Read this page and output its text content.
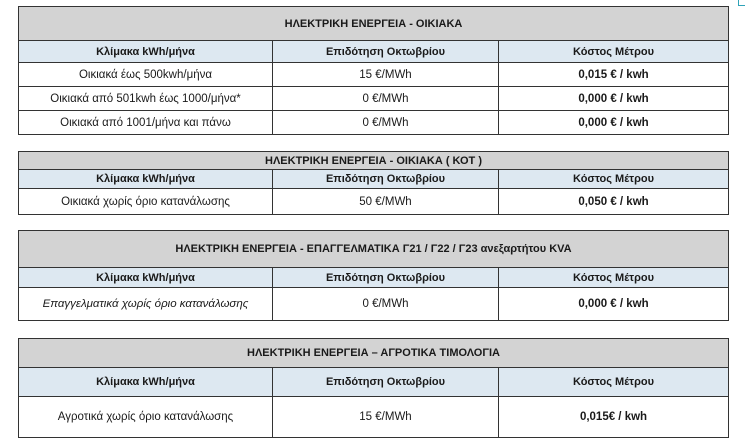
ΗΛΕΚΤΡΙΚΗ ΕΝΕΡΓΕΙΑ - ΟΙΚΙΑΚΑ		
Κλίμακα kWh/μήνα	Επιδότηση Οκτωβρίου	Κόστος Μέτρου
Οικιακά έως 500kwh/μήνα	15 €/MWh	0,015 € / kwh
Οικιακά από 501kwh έως 1000/μήνα*	0 €/MWh	0,000 € / kwh
Οικιακά από 1001/μήνα και πάνω	0 €/MWh	0,000 € / kwh
ΗΛΕΚΤΡΙΚΗ ΕΝΕΡΓΕΙΑ - ΟΙΚΙΑΚΑ ( ΚΟΤ )		
Κλίμακα kWh/μήνα	Επιδότηση Οκτωβρίου	Κόστος Μέτρου
Οικιακά χωρίς όριο κατανάλωσης	50 €/MWh	0,050 € / kwh
ΗΛΕΚΤΡΙΚΗ ΕΝΕΡΓΕΙΑ - ΕΠΑΓΓΕΛΜΑΤΙΚΑ Γ21 / Γ22 / Γ23 ανεξαρτήτου KVA		
Κλίμακα kWh/μήνα	Επιδότηση Οκτωβρίου	Κόστος Μέτρου
Επαγγελματικά χωρίς όριο κατανάλωσης	0 €/MWh	0,000 € / kwh
ΗΛΕΚΤΡΙΚΗ ΕΝΕΡΓΕΙΑ – ΑΓΡΟΤΙΚΑ ΤΙΜΟΛΟΓΙΑ		
Κλίμακα kWh/μήνα	Επιδότηση Οκτωβρίου	Κόστος Μέτρου
Αγροτικά χωρίς όριο κατανάλωσης	15 €/MWh	0,015€ / kwh
